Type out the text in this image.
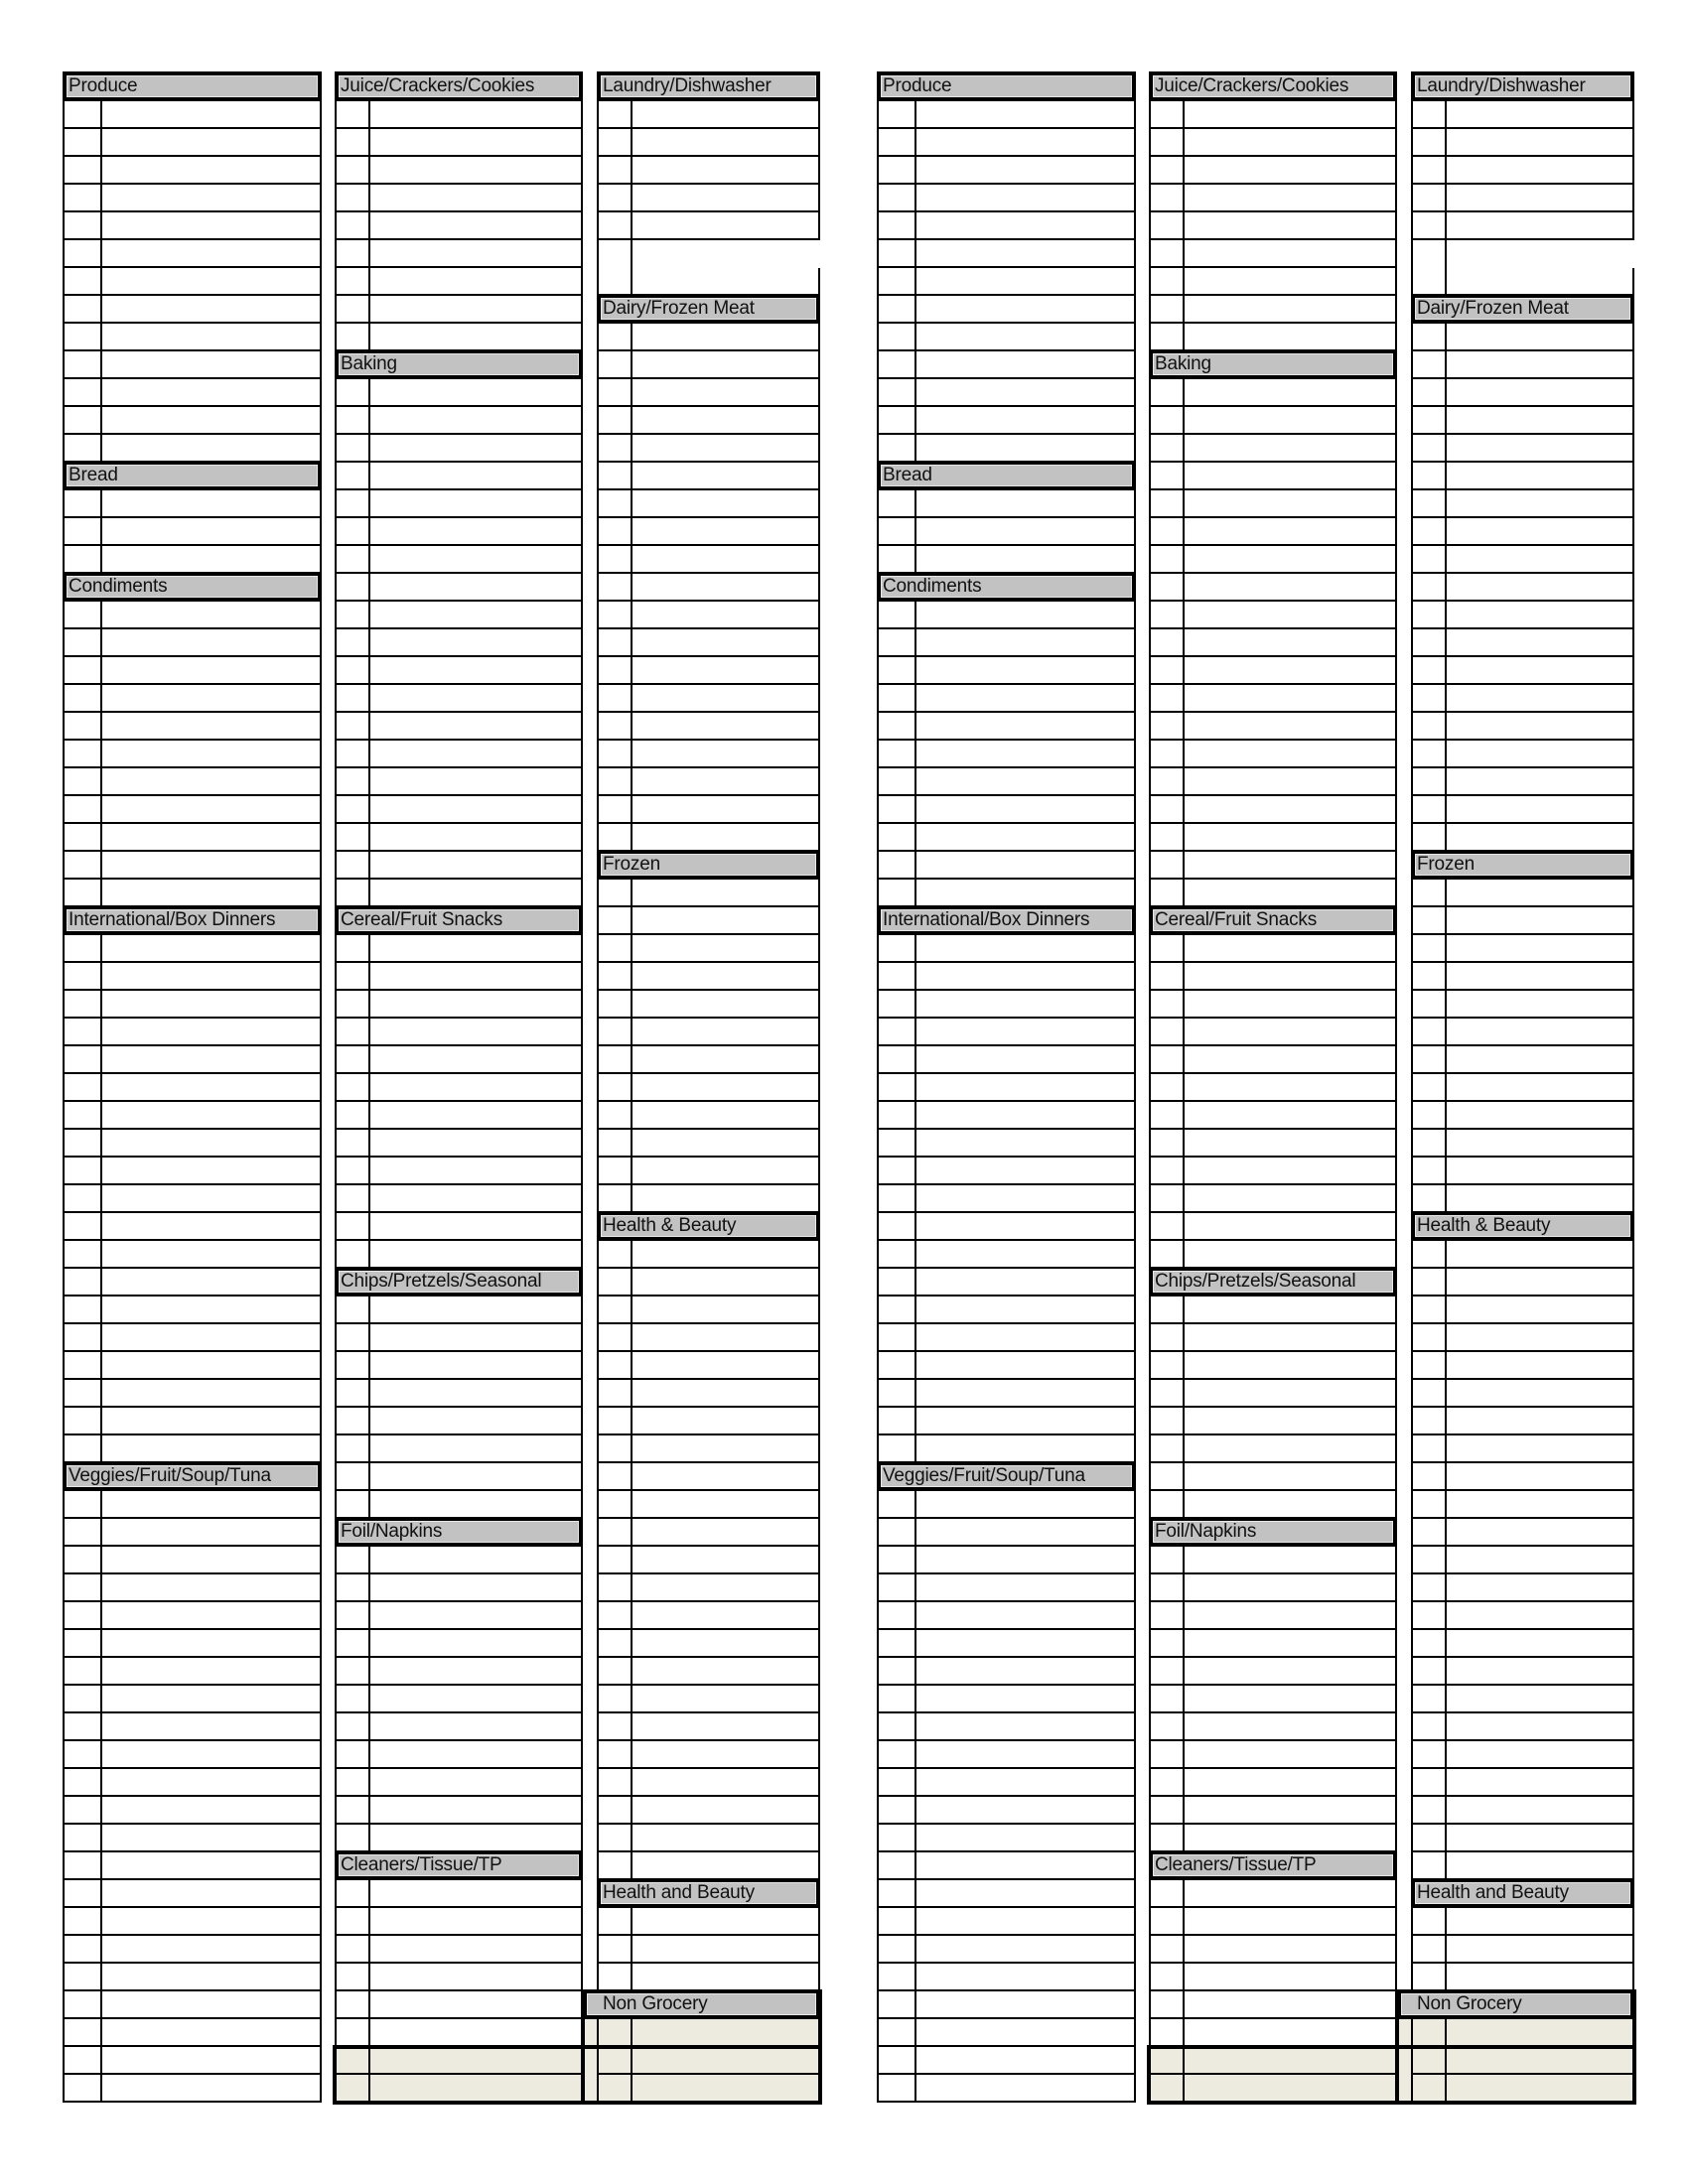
Produce
Bread
Condiments
International/Box Dinners
Veggies/Fruit/Soup/Tuna
Juice/Crackers/Cookies
Baking
Cereal/Fruit Snacks
Chips/Pretzels/Seasonal
Foil/Napkins
Cleaners/Tissue/TP
Laundry/Dishwasher
Dairy/Frozen Meat
Frozen
Health & Beauty
Health and Beauty
Non Grocery
Produce
Bread
Condiments
International/Box Dinners
Veggies/Fruit/Soup/Tuna
Juice/Crackers/Cookies
Baking
Cereal/Fruit Snacks
Chips/Pretzels/Seasonal
Foil/Napkins
Cleaners/Tissue/TP
Laundry/Dishwasher
Dairy/Frozen Meat
Frozen
Health & Beauty
Health and Beauty
Non Grocery
